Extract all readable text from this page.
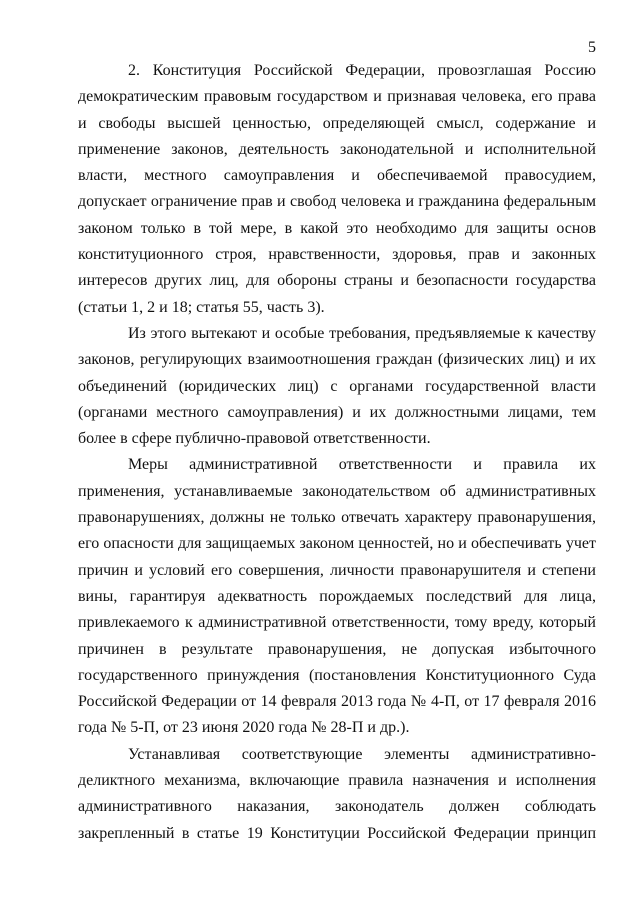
5

2. Конституция Российской Федерации, провозглашая Россию демократическим правовым государством и признавая человека, его права и свободы высшей ценностью, определяющей смысл, содержание и применение законов, деятельность законодательной и исполнительной власти, местного самоуправления и обеспечиваемой правосудием, допускает ограничение прав и свобод человека и гражданина федеральным законом только в той мере, в какой это необходимо для защиты основ конституционного строя, нравственности, здоровья, прав и законных интересов других лиц, для обороны страны и безопасности государства (статьи 1, 2 и 18; статья 55, часть 3).

Из этого вытекают и особые требования, предъявляемые к качеству законов, регулирующих взаимоотношения граждан (физических лиц) и их объединений (юридических лиц) с органами государственной власти (органами местного самоуправления) и их должностными лицами, тем более в сфере публично-правовой ответственности.

Меры административной ответственности и правила их применения, устанавливаемые законодательством об административных правонарушениях, должны не только отвечать характеру правонарушения, его опасности для защищаемых законом ценностей, но и обеспечивать учет причин и условий его совершения, личности правонарушителя и степени вины, гарантируя адекватность порождаемых последствий для лица, привлекаемого к административной ответственности, тому вреду, который причинен в результате правонарушения, не допуская избыточного государственного принуждения (постановления Конституционного Суда Российской Федерации от 14 февраля 2013 года № 4-П, от 17 февраля 2016 года № 5-П, от 23 июня 2020 года № 28-П и др.).

Устанавливая соответствующие элементы административно-деликтного механизма, включающие правила назначения и исполнения административного наказания, законодатель должен соблюдать закрепленный в статье 19 Конституции Российской Федерации принцип
